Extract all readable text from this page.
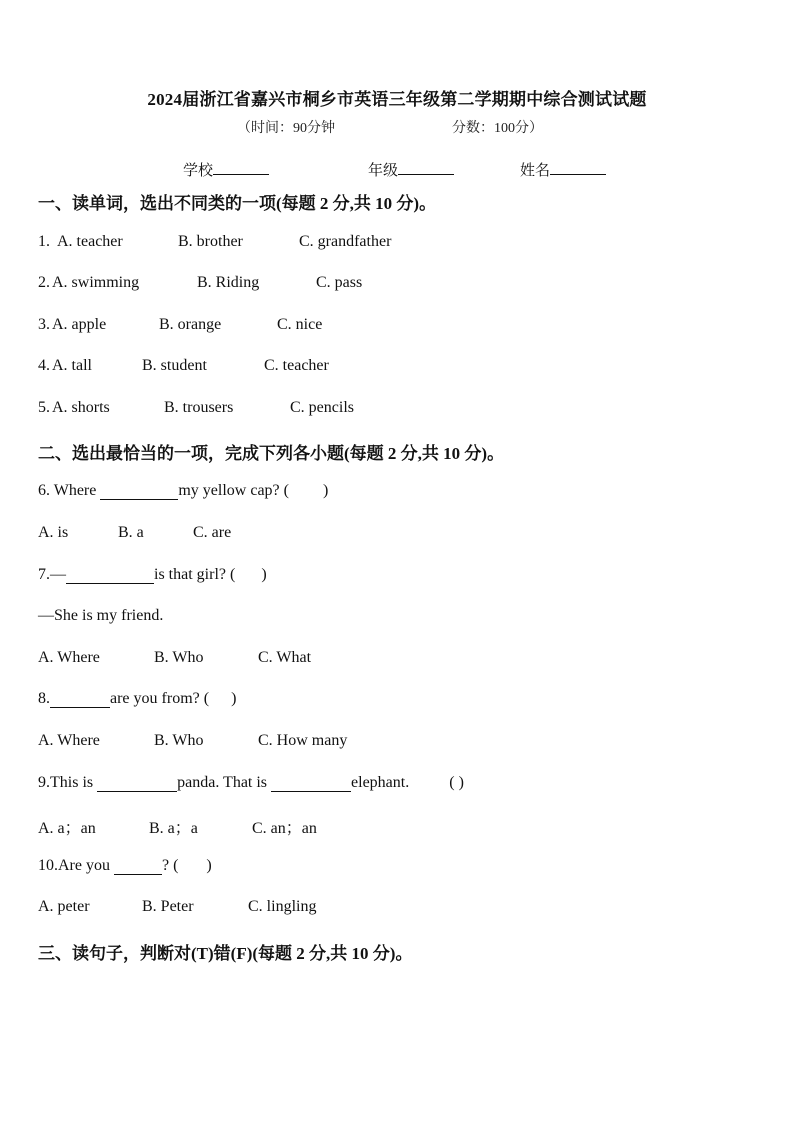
2024届浙江省嘉兴市桐乡市英语三年级第二学期期中综合测试试题
（时间：90分钟	分数：100分）
学校	年级	姓名
一、读单词，选出不同类的一项(每题 2 分,共 10 分)。
1. A. teacher	B. brother	C. grandfather
2. A. swimming	B. Riding	C. pass
3. A. apple	B. orange	C. nice
4. A. tall	B. student	C. teacher
5. A. shorts	B. trousers	C. pencils
二、选出最恰当的一项，完成下列各小题(每题 2 分,共 10 分)。
6. Where	my yellow cap? ( )
A. is	B. a	C. are
7.—	is that girl? ( )
—She is my friend.
A. Where	B. Who	C. What
8.	are you from? ( )
A. Where	B. Who	C. How many
9.This is	panda. That is	elephant.	( )
A. a；an	B. a；a	C. an；an
10.Are you	? ( )
A. peter	B. Peter	C. lingling
三、读句子，判断对(T)错(F)(每题 2 分,共 10 分)。
